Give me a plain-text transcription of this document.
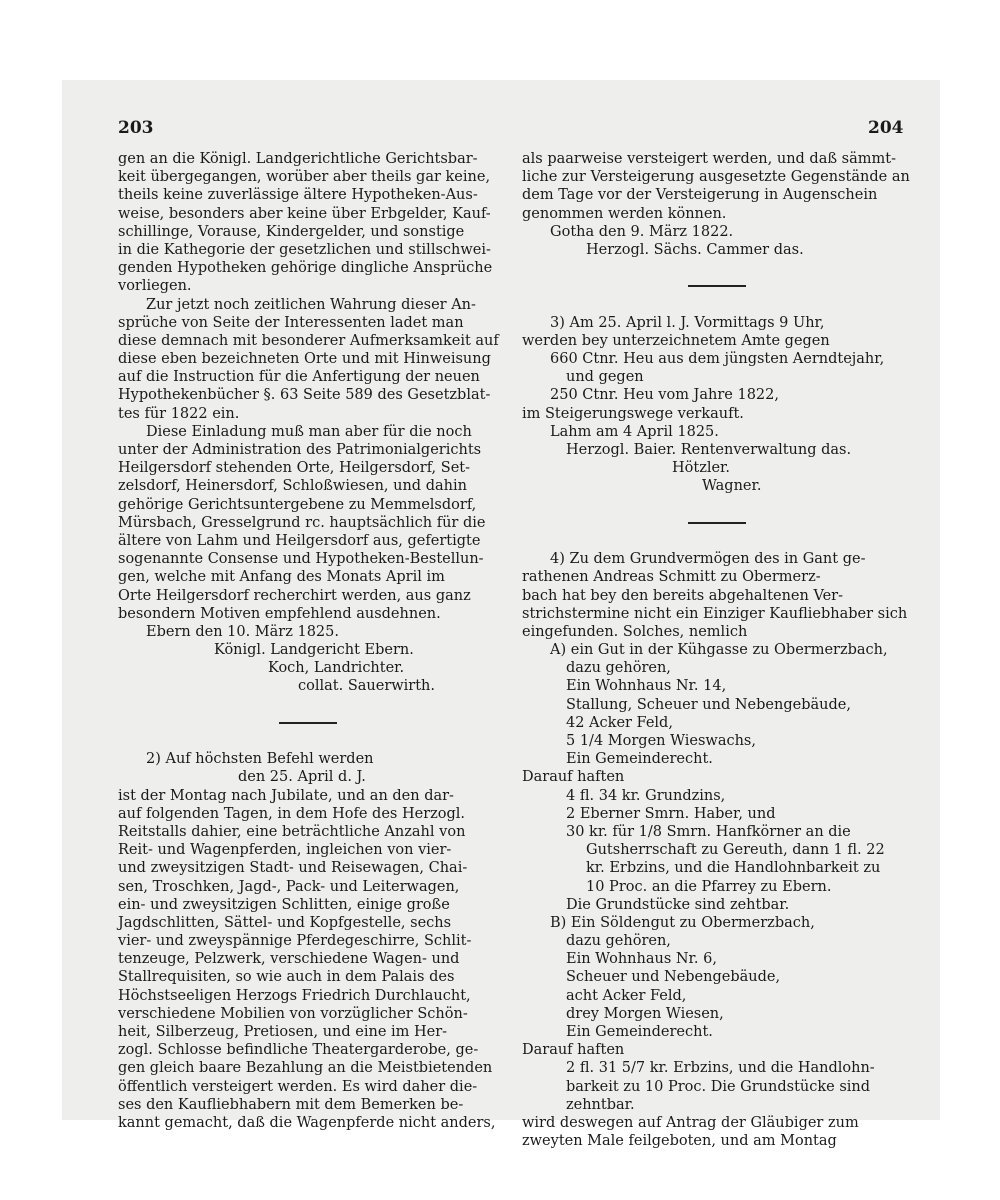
203	204
gen an die Königl. Landgerichtliche Gerichtsbar-
keit übergegangen, worüber aber theils gar keine,
theils keine zuverlässige ältere Hypotheken-Aus-
weise, besonders aber keine über Erbgelder, Kauf-
schillinge, Vorause, Kindergelder, und sonstige
in die Kathegorie der gesetzlichen und stillschwei-
genden Hypotheken gehörige dingliche Ansprüche
vorliegen.
Zur jetzt noch zeitlichen Wahrung dieser An-
sprüche von Seite der Interessenten ladet man
diese demnach mit besonderer Aufmerksamkeit auf
diese eben bezeichneten Orte und mit Hinweisung
auf die Instruction für die Anfertigung der neuen
Hypothekenbücher §. 63 Seite 589 des Gesetzblat-
tes für 1822 ein.
Diese Einladung muß man aber für die noch
unter der Administration des Patrimonialgerichts
Heilgersdorf stehenden Orte, Heilgersdorf, Set-
zelsdorf, Heinersdorf, Schloßwiesen, und dahin
gehörige Gerichtsuntergebene zu Memmelsdorf,
Mürsbach, Gresselgrund rc. hauptsächlich für die
ältere von Lahm und Heilgersdorf aus, gefertigte
sogenannte Consense und Hypotheken-Bestellun-
gen, welche mit Anfang des Monats April im
Orte Heilgersdorf recherchirt werden, aus ganz
besondern Motiven empfehlend ausdehnen.
Ebern den 10. März 1825.
Königl. Landgericht Ebern.
Koch, Landrichter.
collat. Sauerwirth.
2) Auf höchsten Befehl werden
den 25. April d. J.
ist der Montag nach Jubilate, und an den dar-
auf folgenden Tagen, in dem Hofe des Herzogl.
Reitstalls dahier, eine beträchtliche Anzahl von
Reit- und Wagenpferden, ingleichen von vier-
und zweysitzigen Stadt- und Reisewagen, Chai-
sen, Troschken, Jagd-, Pack- und Leiterwagen,
ein- und zweysitzigen Schlitten, einige große
Jagdschlitten, Sättel- und Kopfgestelle, sechs
vier- und zweyspännige Pferdegeschirre, Schlit-
tenzeuge, Pelzwerk, verschiedene Wagen- und
Stallrequisiten, so wie auch in dem Palais des
Höchstseeligen Herzogs Friedrich Durchlaucht,
verschiedene Mobilien von vorzüglicher Schön-
heit, Silberzeug, Pretiosen, und eine im Her-
zogl. Schlosse befindliche Theatergarderobe, ge-
gen gleich baare Bezahlung an die Meistbietenden
öffentlich versteigert werden. Es wird daher die-
ses den Kaufliebhabern mit dem Bemerken be-
kannt gemacht, daß die Wagenpferde nicht anders,
als paarweise versteigert werden, und daß sämmt-
liche zur Versteigerung ausgesetzte Gegenstände an
dem Tage vor der Versteigerung in Augenschein
genommen werden können.
Gotha den 9. März 1822.
Herzogl. Sächs. Cammer das.
3) Am 25. April l. J. Vormittags 9 Uhr,
werden bey unterzeichnetem Amte gegen
660 Ctnr. Heu aus dem jüngsten Aerndtejahr,
und gegen
250 Ctnr. Heu vom Jahre 1822,
im Steigerungswege verkauft.
Lahm am 4 April 1825.
Herzogl. Baier. Rentenverwaltung das.
Hötzler.
Wagner.
4) Zu dem Grundvermögen des in Gant ge-
rathenen Andreas Schmitt zu Obermerz-
bach hat bey den bereits abgehaltenen Ver-
strichstermine nicht ein Einziger Kaufliebhaber sich
eingefunden. Solches, nemlich
A) ein Gut in der Kühgasse zu Obermerzbach,
dazu gehören,
Ein Wohnhaus Nr. 14,
Stallung, Scheuer und Nebengebäude,
42 Acker Feld,
5 1/4 Morgen Wieswachs,
Ein Gemeinderecht.
Darauf haften
4 fl. 34 kr. Grundzins,
2 Eberner Smrn. Haber, und
30 kr. für 1/8 Smrn. Hanfkörner an die
Gutsherrschaft zu Gereuth, dann 1 fl. 22
kr. Erbzins, und die Handlohnbarkeit zu
10 Proc. an die Pfarrey zu Ebern.
Die Grundstücke sind zehtbar.
B) Ein Söldengut zu Obermerzbach,
dazu gehören,
Ein Wohnhaus Nr. 6,
Scheuer und Nebengebäude,
acht Acker Feld,
drey Morgen Wiesen,
Ein Gemeinderecht.
Darauf haften
2 fl. 31 5/7 kr. Erbzins, und die Handlohn-
barkeit zu 10 Proc. Die Grundstücke sind
zehntbar.
wird deswegen auf Antrag der Gläubiger zum
zweyten Male feilgeboten, und am Montag
